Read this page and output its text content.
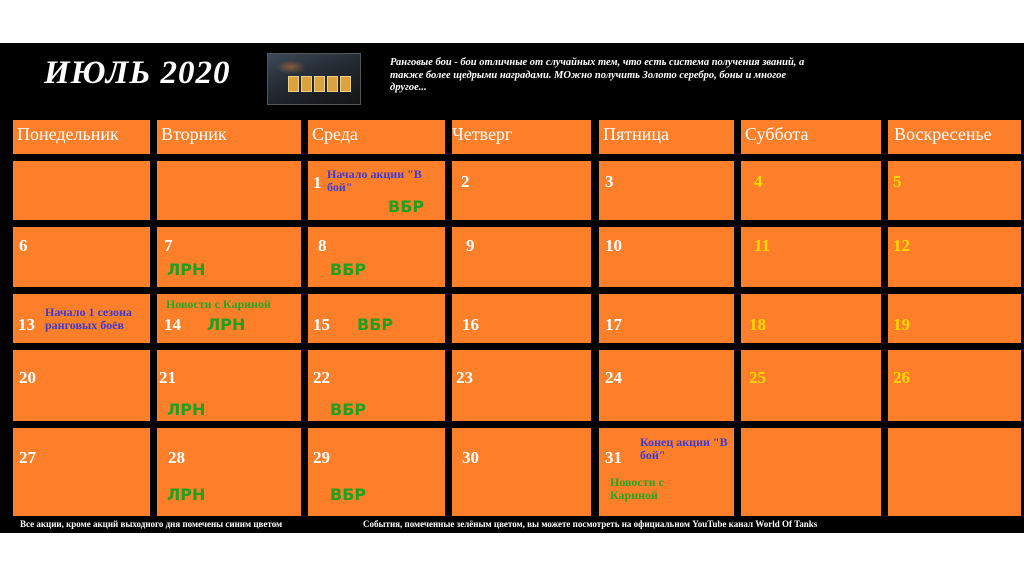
ИЮЛЬ 2020	Ранговые бои - бои отличные от случайных тем, что есть система получения званий, а также более щедрыми наградами. МОжно получить Золото серебро, боны и многое другое...
Понедельник	Вторник	Среда	Четверг	Пятница	Суббота	Воскресенье
1 Начало акции "В бой"
ВБР
2	3	4	5
6	7
ЛРН
8
ВБР
9	10	11	12
13
Начало 1 сезона ранговых боёв	14
Новости с Кариной
ЛРН	15 ВБР	16	17	18	19
20	21
ЛРН
22
ВБР
23	24	25	26
27	28
ЛРН
29
ВБР
30	31
Конец акции "В бой"
Новости с Кариной
Все акции, кроме акций выходного дня помечены синим цветом	События, помеченные зелёным цветом, вы можете посмотреть на официальном YouTube канал World Of Tanks
